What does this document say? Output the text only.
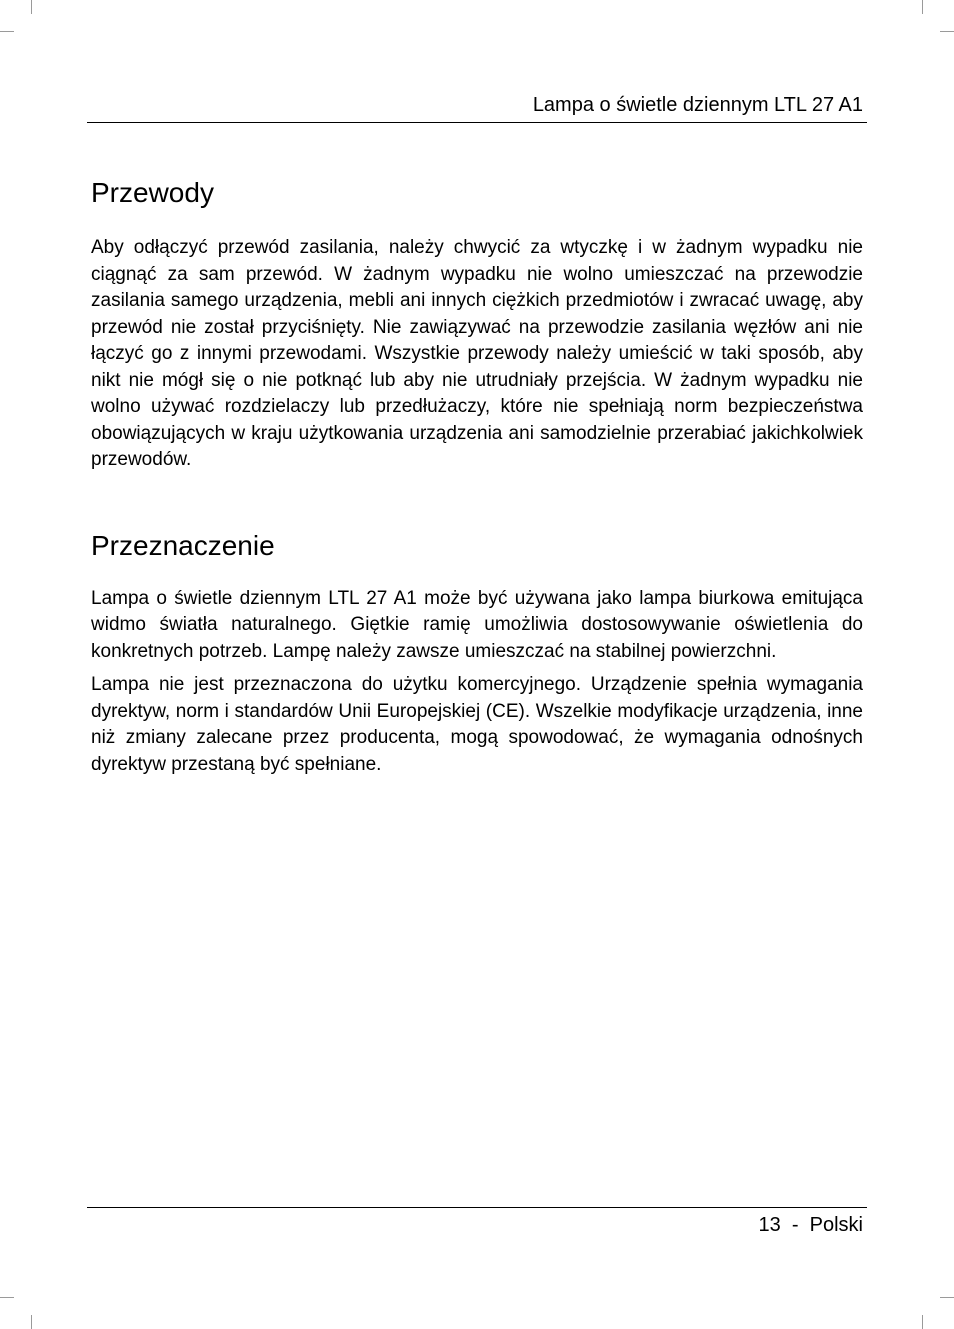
Lampa o świetle dziennym LTL 27 A1
Przewody

Aby odłączyć przewód zasilania, należy chwycić za wtyczkę i w żadnym wypadku nie ciągnąć za sam przewód. W żadnym wypadku nie wolno umieszczać na przewodzie zasilania samego urządzenia, mebli ani innych ciężkich przedmiotów i zwracać uwagę, aby przewód nie został przyciśnięty. Nie zawiązywać na przewodzie zasilania węzłów ani nie łączyć go z innymi przewodami. Wszystkie przewody należy umieścić w taki sposób, aby nikt nie mógł się o nie potknąć lub aby nie utrudniały przejścia. W żadnym wypadku nie wolno używać rozdzielaczy lub przedłużaczy, które nie spełniają norm bezpieczeństwa obowiązujących w kraju użytkowania urządzenia ani samodzielnie przerabiać jakichkolwiek przewodów.

Przeznaczenie

Lampa o świetle dziennym LTL 27 A1 może być używana jako lampa biurkowa emitująca widmo światła naturalnego. Giętkie ramię umożliwia dostosowywanie oświetlenia do konkretnych potrzeb. Lampę należy zawsze umieszczać na stabilnej powierzchni.

Lampa nie jest przeznaczona do użytku komercyjnego. Urządzenie spełnia wymagania dyrektyw, norm i standardów Unii Europejskiej (CE). Wszelkie modyfikacje urządzenia, inne niż zmiany zalecane przez producenta, mogą spowodować, że wymagania odnośnych dyrektyw przestaną być spełniane.

13  -  Polski
